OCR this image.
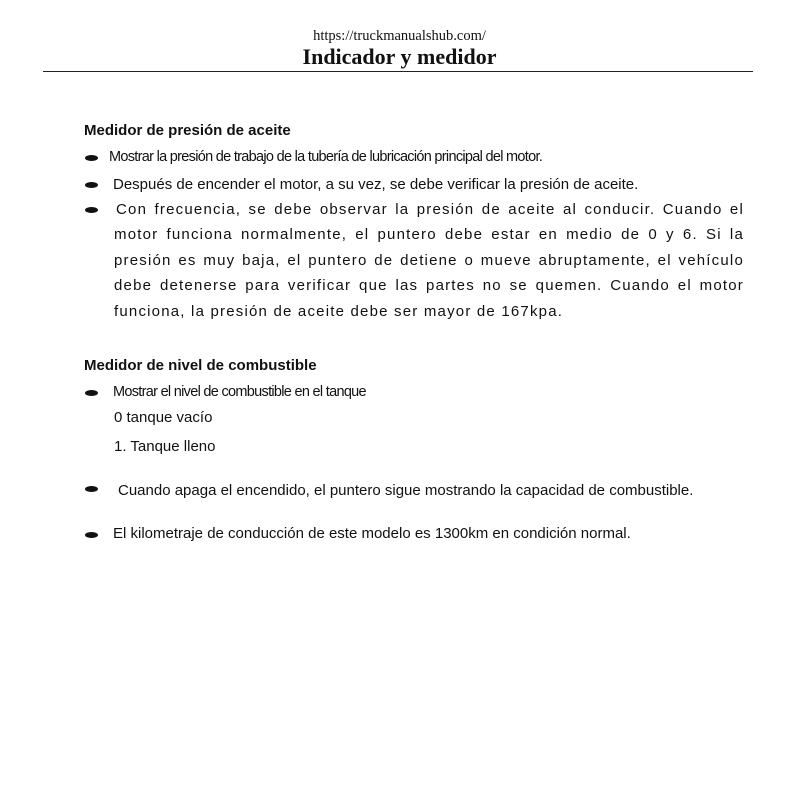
https://truckmanualshub.com/
Indicador y medidor
Medidor de presión de aceite
Mostrar la presión de trabajo de la tubería de lubricación principal del motor.
Después de encender el motor, a su vez, se debe verificar la presión de aceite.
Con frecuencia, se debe observar la presión de aceite al conducir. Cuando el motor funciona normalmente, el puntero debe estar en medio de 0 y 6. Si la presión es muy baja, el puntero de detiene o mueve abruptamente, el vehículo debe detenerse para verificar que las partes no se quemen. Cuando el motor funciona, la presión de aceite debe ser mayor de 167kpa.
Medidor de nivel de combustible
Mostrar el nivel de combustible en el tanque
0 tanque vacío
1. Tanque lleno
Cuando apaga el encendido, el puntero sigue mostrando la capacidad de combustible.
El kilometraje de conducción de este modelo es 1300km en condición normal.
